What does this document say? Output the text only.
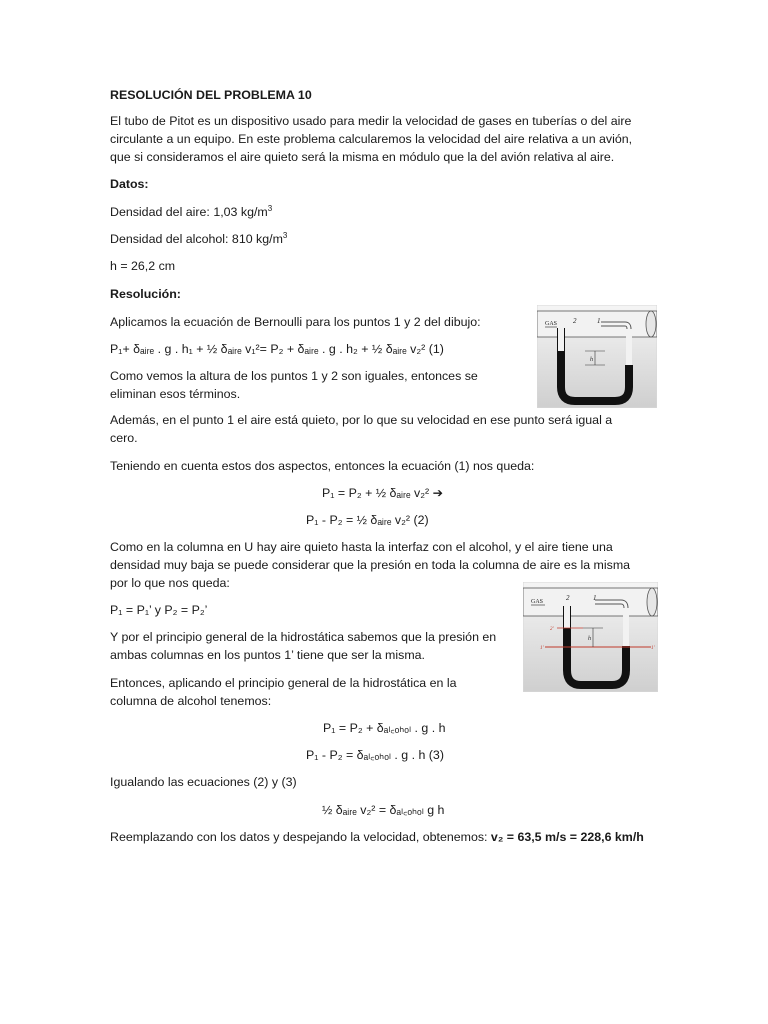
RESOLUCIÓN DEL PROBLEMA 10

El tubo de Pitot es un dispositivo usado para medir la velocidad de gases en tuberías o del aire

circulante a un equipo. En este problema calcularemos la velocidad del aire relativa a un avión,

que si consideramos el aire quieto será la misma en módulo que la del avión relativa al aire.

Datos:

Densidad del aire: 1,03 $kg/m^3$

Densidad del alcohol: 810 $kg/m^3$

h = 26,2 cm

Resolución:

Aplicamos la ecuación de Bernoulli para los puntos 1 y 2 del dibujo:

P₁+ δₐᵢᵣₑ . g . h₁ + ½ δₐᵢᵣₑ v₁²= P₂ + δₐᵢᵣₑ . g . h₂ + ½ δₐᵢᵣₑ v₂² (1)

Como vemos la altura de los puntos 1 y 2 son iguales, entonces se

eliminan esos términos.

Además, en el punto 1 el aire está quieto, por lo que su velocidad en ese punto será igual a

cero.

Teniendo en cuenta estos dos aspectos, entonces la ecuación (1) nos queda:

P₁ = P₂ + ½ δₐᵢᵣₑ v₂² ➔

P₁ - P₂ = ½ δₐᵢᵣₑ v₂² (2)

Como en la columna en U hay aire quieto hasta la interfaz con el alcohol, y el aire tiene una

densidad muy baja se puede considerar que la presión en toda la columna de aire es la misma

por lo que nos queda:

P₁ = P₁’ y P₂ = P₂’

Y por el principio general de la hidrostática sabemos que la presión en

ambas columnas en los puntos 1’ tiene que ser la misma.

Entonces, aplicando el principio general de la hidrostática en la

columna de alcohol tenemos:

P₁ = P₂ + δₐₗ꜀ₒₕₒₗ . g . h

P₁ - P₂ = δₐₗ꜀ₒₕₒₗ . g . h (3)

Igualando las ecuaciones (2) y (3)

½ δₐᵢᵣₑ v₂² = δₐₗ꜀ₒₕₒₗ g h

Reemplazando con los datos y despejando la velocidad, obtenemos: v₂ = 63,5 m/s = 228,6 km/h

GAS 2	1
h
GAS	2	1
h
2'
1'	1'
